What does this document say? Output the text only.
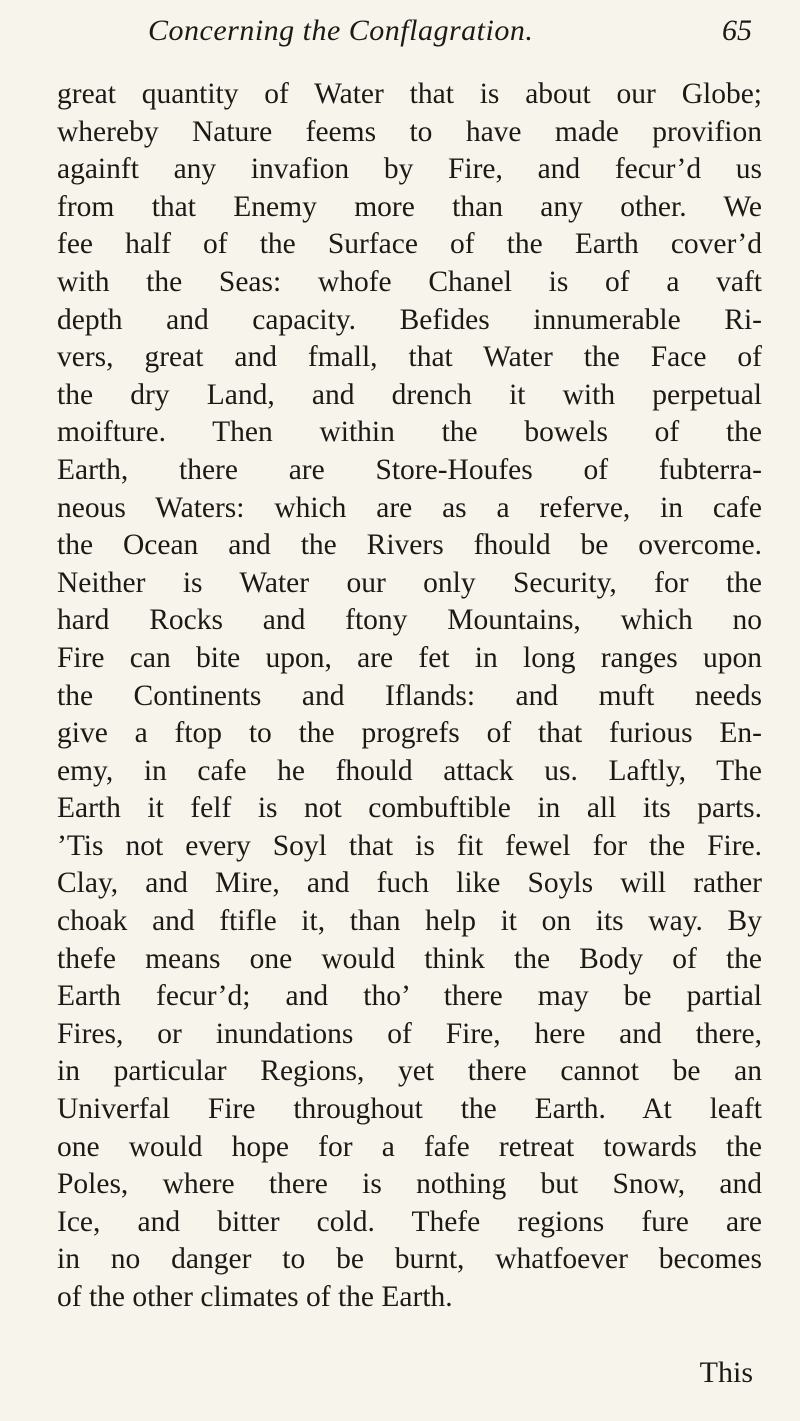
Concerning the Conflagration.	65
great quantity of Water that is about our Globe;
whereby Nature feems to have made provifion
againft any invafion by Fire, and fecur’d us
from that Enemy more than any other. We
fee half of the Surface of the Earth cover’d
with the Seas: whofe Chanel is of a vaft
depth and capacity. Befides innumerable Ri-
vers, great and fmall, that Water the Face of
the dry Land, and drench it with perpetual
moifture. Then within the bowels of the
Earth, there are Store-Houfes of fubterra-
neous Waters: which are as a referve, in cafe
the Ocean and the Rivers fhould be overcome.
Neither is Water our only Security, for the
hard Rocks and ftony Mountains, which no
Fire can bite upon, are fet in long ranges upon
the Continents and Iflands: and muft needs
give a ftop to the progrefs of that furious En-
emy, in cafe he fhould attack us. Laftly, The
Earth it felf is not combuftible in all its parts.
’Tis not every Soyl that is fit fewel for the Fire.
Clay, and Mire, and fuch like Soyls will rather
choak and ftifle it, than help it on its way. By
thefe means one would think the Body of the
Earth fecur’d; and tho’ there may be partial
Fires, or inundations of Fire, here and there,
in particular Regions, yet there cannot be an
Univerfal Fire throughout the Earth. At leaft
one would hope for a fafe retreat towards the
Poles, where there is nothing but Snow, and
Ice, and bitter cold. Thefe regions fure are
in no danger to be burnt, whatfoever becomes
of the other climates of the Earth.
This
